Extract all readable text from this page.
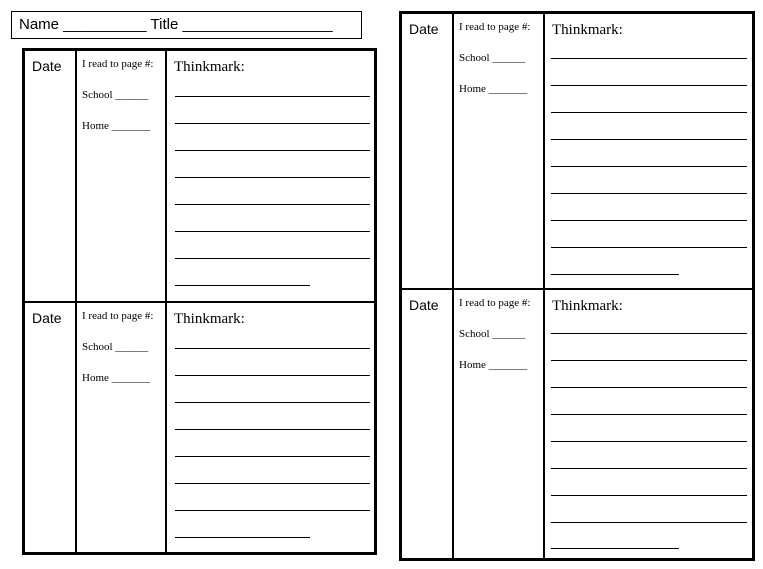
Name __________ Title __________________
Date I read to page #:
School ______
Home _______
Thinkmark:
Date I read to page #:
School ______
Home _______
Thinkmark:
Date I read to page #:
School ______
Home _______
Thinkmark:
Date I read to page #:
School ______
Home _______
Thinkmark:
